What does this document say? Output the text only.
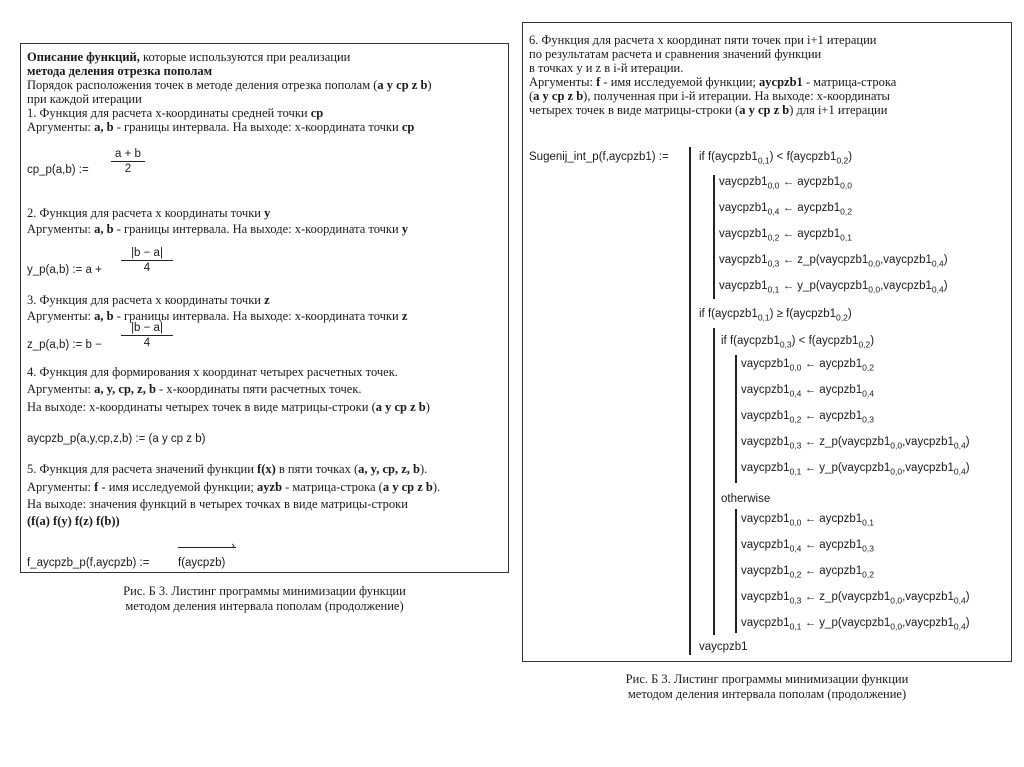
Описание функций, которые используются при реализации
метода деления отрезка пополам
Порядок расположения точек в методе деления отрезка пополам (a y cp z b)
при каждой итерации
1. Функция для расчета х-координаты средней точки cp
Аргументы: a, b - границы интервала. На выходе: х-координата точки cp
cp_p(a,b) :=
a + b
2
2. Функция для расчета х координаты точки y
Аргументы: a, b - границы интервала. На выходе: х-координата точки y
y_p(a,b) := a +
|b − a|
4
3. Функция для расчета х координаты точки z
Аргументы: a, b - границы интервала. На выходе: х-координата точки z
z_p(a,b) := b −
|b − a|
4
4. Функция для формирования х координат четырех расчетных точек.
Аргументы: a, y, cp, z, b - х-координаты пяти расчетных точек.
На выходе: х-координаты четырех точек в виде матрицы-строки (a y cp z b)
aycpzb_p(a,y,cp,z,b) := (a y cp z b)
5. Функция для расчета значений функции f(x) в пяти точках (a, y, cp, z, b).
Аргументы: f - имя исследуемой функции; ayzb - матрица-строка (a y cp z b).
На выходе: значения функций в четырех точках в виде матрицы-строки
(f(a) f(y) f(z) f(b))
f_aycpzb_p(f,aycpzb) := f(aycpzb)
›
Рис. Б 3. Листинг программы минимизации функции
методом деления интервала пополам (продолжение)
6. Функция для расчета х координат пяти точек при i+1 итерации
по результатам расчета и сравнения значений функции
в точках y и z в i-й итерации.
Аргументы: f - имя исследуемой функции; aycpzb1 - матрица-строка
(a y cp z b), полученная при i-й итерации. На выходе: х-координаты
четырех точек в виде матрицы-строки (a y cp z b) для i+1 итерации
Sugenij_int_p(f,aycpzb1) :=	if $f(aycpzb1_{0,1})$ < $f(aycpzb1_{0,2})$
$vaycpzb1_{0,0}$ ← $aycpzb1_{0,0}$
$vaycpzb1_{0,4}$ ← $aycpzb1_{0,2}$
$vaycpzb1_{0,2}$ ← $aycpzb1_{0,1}$
$vaycpzb1_{0,3}$ ← $z\_p(vaycpzb1_{0,0},vaycpzb1_{0,4})$
$vaycpzb1_{0,1}$ ← $y\_p(vaycpzb1_{0,0},vaycpzb1_{0,4})$
if $f(aycpzb1_{0,1})$ ≥ $f(aycpzb1_{0,2})$
if $f(aycpzb1_{0,3})$ < $f(aycpzb1_{0,2})$
$vaycpzb1_{0,0}$ ← $aycpzb1_{0,2}$
$vaycpzb1_{0,4}$ ← $aycpzb1_{0,4}$
$vaycpzb1_{0,2}$ ← $aycpzb1_{0,3}$
$vaycpzb1_{0,3}$ ← $z\_p(vaycpzb1_{0,0},vaycpzb1_{0,4})$
$vaycpzb1_{0,1}$ ← $y\_p(vaycpzb1_{0,0},vaycpzb1_{0,4})$
otherwise
$vaycpzb1_{0,0}$ ← $aycpzb1_{0,1}$
$vaycpzb1_{0,4}$ ← $aycpzb1_{0,3}$
$vaycpzb1_{0,2}$ ← $aycpzb1_{0,2}$
$vaycpzb1_{0,3}$ ← $z\_p(vaycpzb1_{0,0},vaycpzb1_{0,4})$
$vaycpzb1_{0,1}$ ← $y\_p(vaycpzb1_{0,0},vaycpzb1_{0,4})$
vaycpzb1
Рис. Б 3. Листинг программы минимизации функции
методом деления интервала пополам (продолжение)
